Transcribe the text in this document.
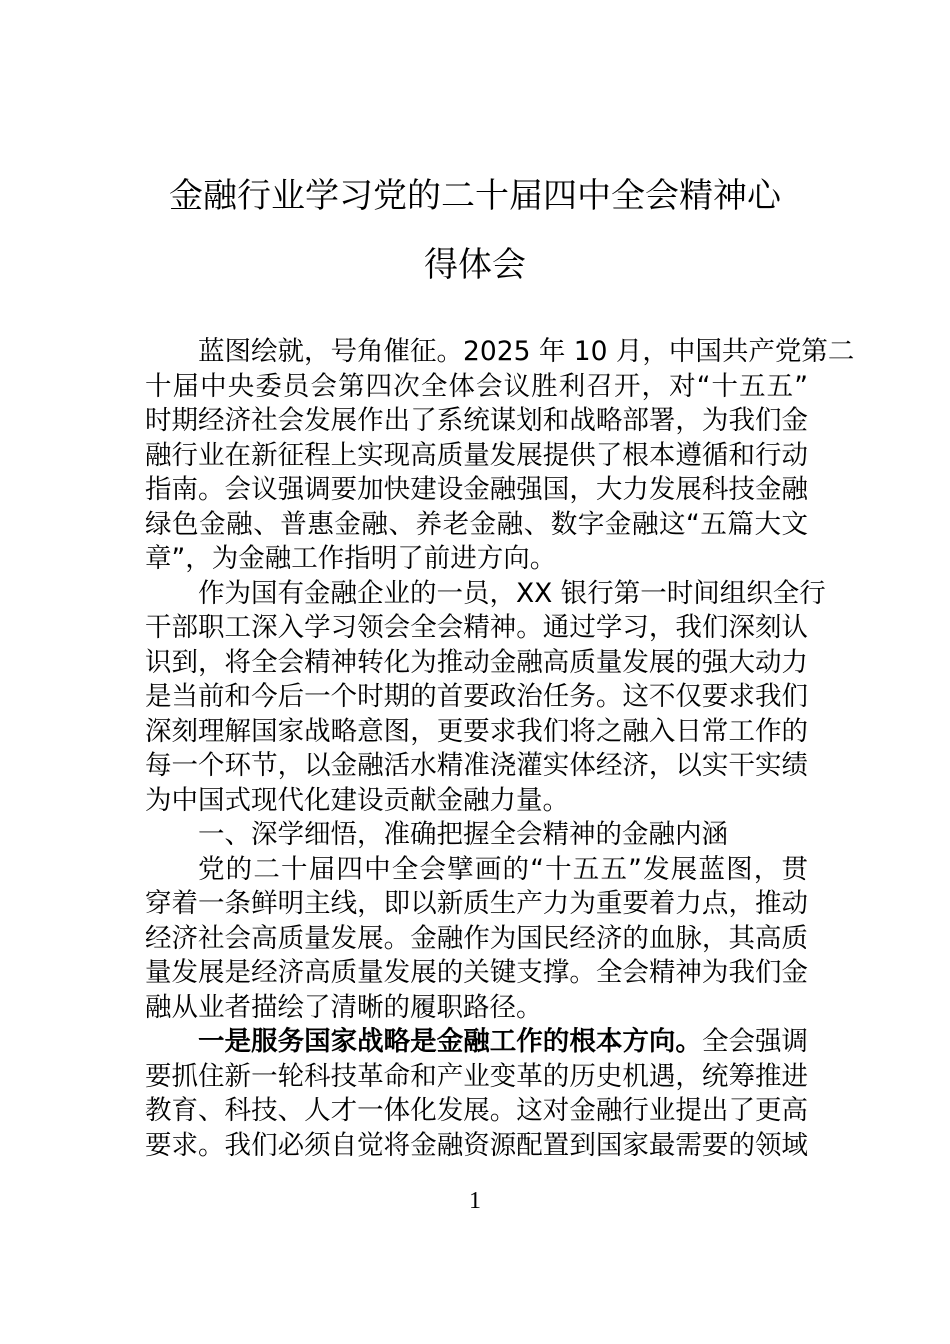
金融行业学习党的二十届四中全会精神心
得体会
蓝图绘就，号角催征。2025 年 10 月，中国共产党第二
十届中央委员会第四次全体会议胜利召开，对“十五五”
时期经济社会发展作出了系统谋划和战略部署，为我们金
融行业在新征程上实现高质量发展提供了根本遵循和行动
指南。会议强调要加快建设金融强国，大力发展科技金融
绿色金融、普惠金融、养老金融、数字金融这“五篇大文
章”，为金融工作指明了前进方向。
作为国有金融企业的一员，XX 银行第一时间组织全行
干部职工深入学习领会全会精神。通过学习，我们深刻认
识到，将全会精神转化为推动金融高质量发展的强大动力
是当前和今后一个时期的首要政治任务。这不仅要求我们
深刻理解国家战略意图，更要求我们将之融入日常工作的
每一个环节，以金融活水精准浇灌实体经济，以实干实绩
为中国式现代化建设贡献金融力量。
一、深学细悟，准确把握全会精神的金融内涵
党的二十届四中全会擘画的“十五五”发展蓝图，贯
穿着一条鲜明主线，即以新质生产力为重要着力点，推动
经济社会高质量发展。金融作为国民经济的血脉，其高质
量发展是经济高质量发展的关键支撑。全会精神为我们金
融从业者描绘了清晰的履职路径。
一是服务国家战略是金融工作的根本方向。全会强调
要抓住新一轮科技革命和产业变革的历史机遇，统筹推进
教育、科技、人才一体化发展。这对金融行业提出了更高
要求。我们必须自觉将金融资源配置到国家最需要的领域
1
